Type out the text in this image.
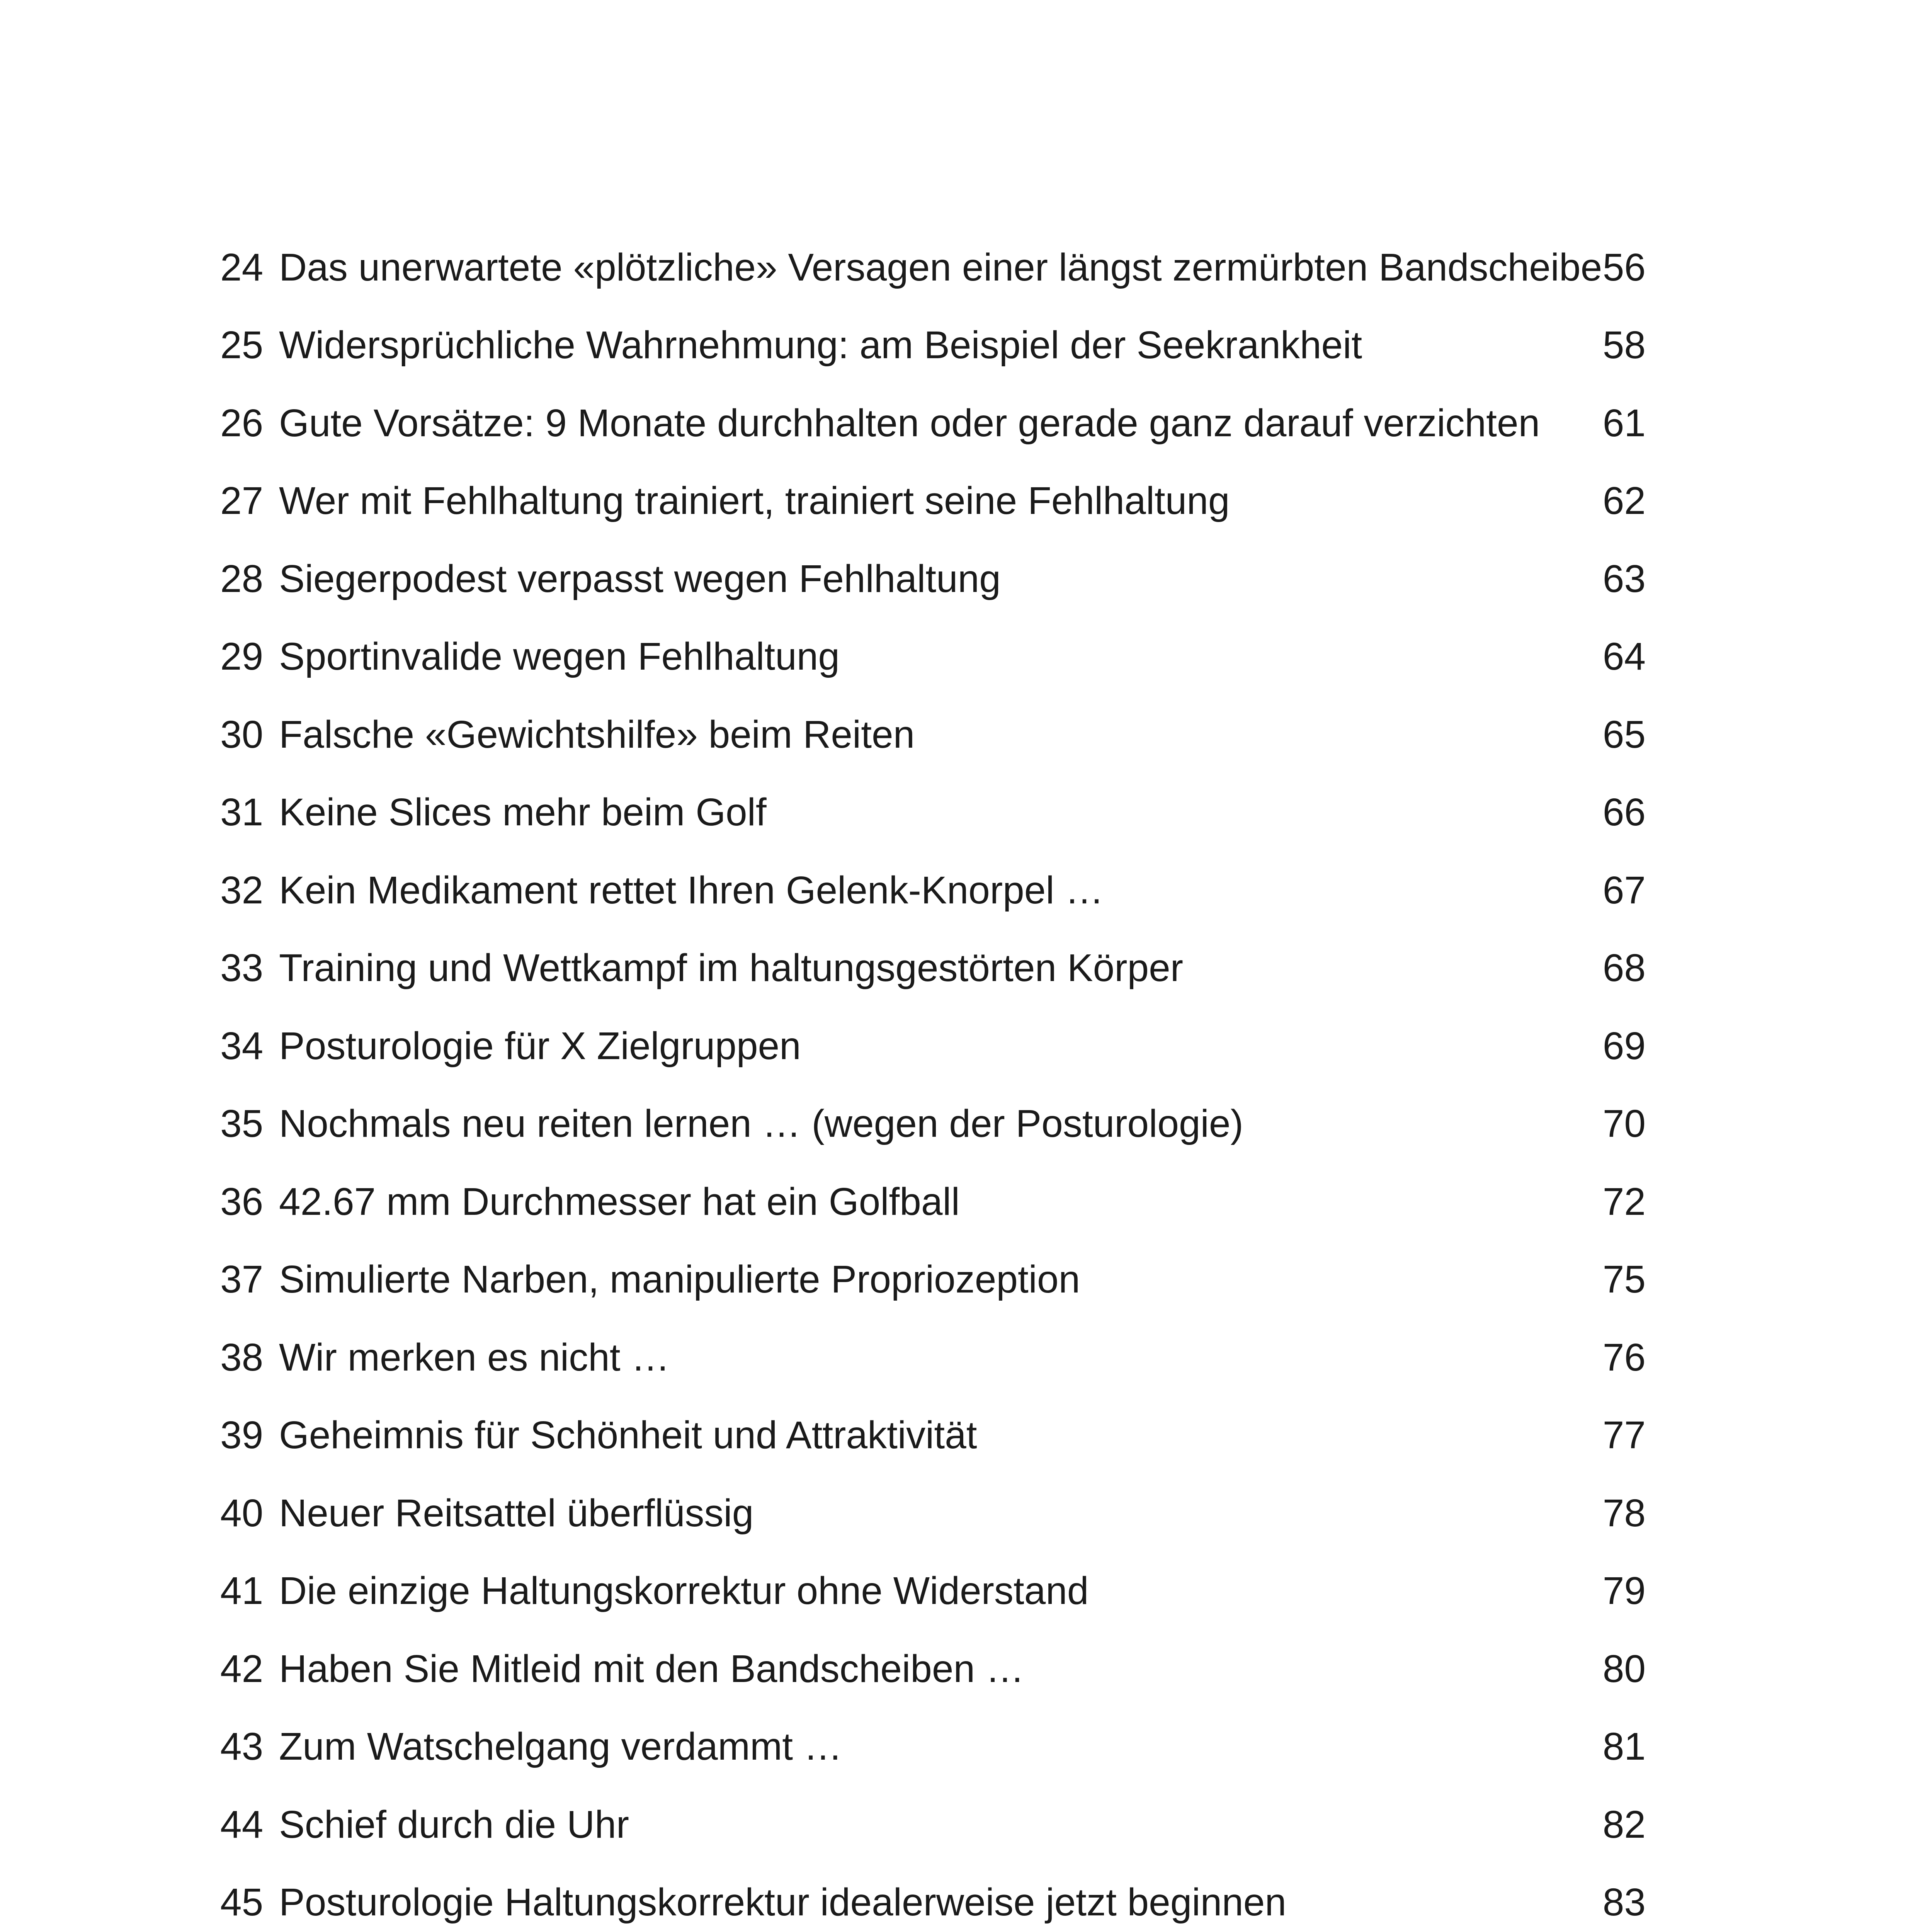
24 Das unerwartete «plötzliche» Versagen einer längst zermürbten Bandscheibe 56
25 Widersprüchliche Wahrnehmung: am Beispiel der Seekrankheit	58
26 Gute Vorsätze: 9 Monate durchhalten oder gerade ganz darauf verzichten 61
27 Wer mit Fehlhaltung trainiert, trainiert seine Fehlhaltung	62
28 Siegerpodest verpasst wegen Fehlhaltung	63
29 Sportinvalide wegen Fehlhaltung	64
30 Falsche «Gewichtshilfe» beim Reiten	65
31 Keine Slices mehr beim Golf	66
32 Kein Medikament rettet Ihren Gelenk-Knorpel …	67
33 Training und Wettkampf im haltungsgestörten Körper	68
34 Posturologie für X Zielgruppen	69
35 Nochmals neu reiten lernen … (wegen der Posturologie)	70
36 42.67 mm Durchmesser hat ein Golfball	72
37 Simulierte Narben, manipulierte Propriozeption	75
38 Wir merken es nicht …	76
39 Geheimnis für Schönheit und Attraktivität	77
40 Neuer Reitsattel überflüssig	78
41 Die einzige Haltungskorrektur ohne Widerstand	79
42 Haben Sie Mitleid mit den Bandscheiben …	80
43 Zum Watschelgang verdammt …	81
44 Schief durch die Uhr	82
45 Posturologie Haltungskorrektur idealerweise jetzt beginnen	83
